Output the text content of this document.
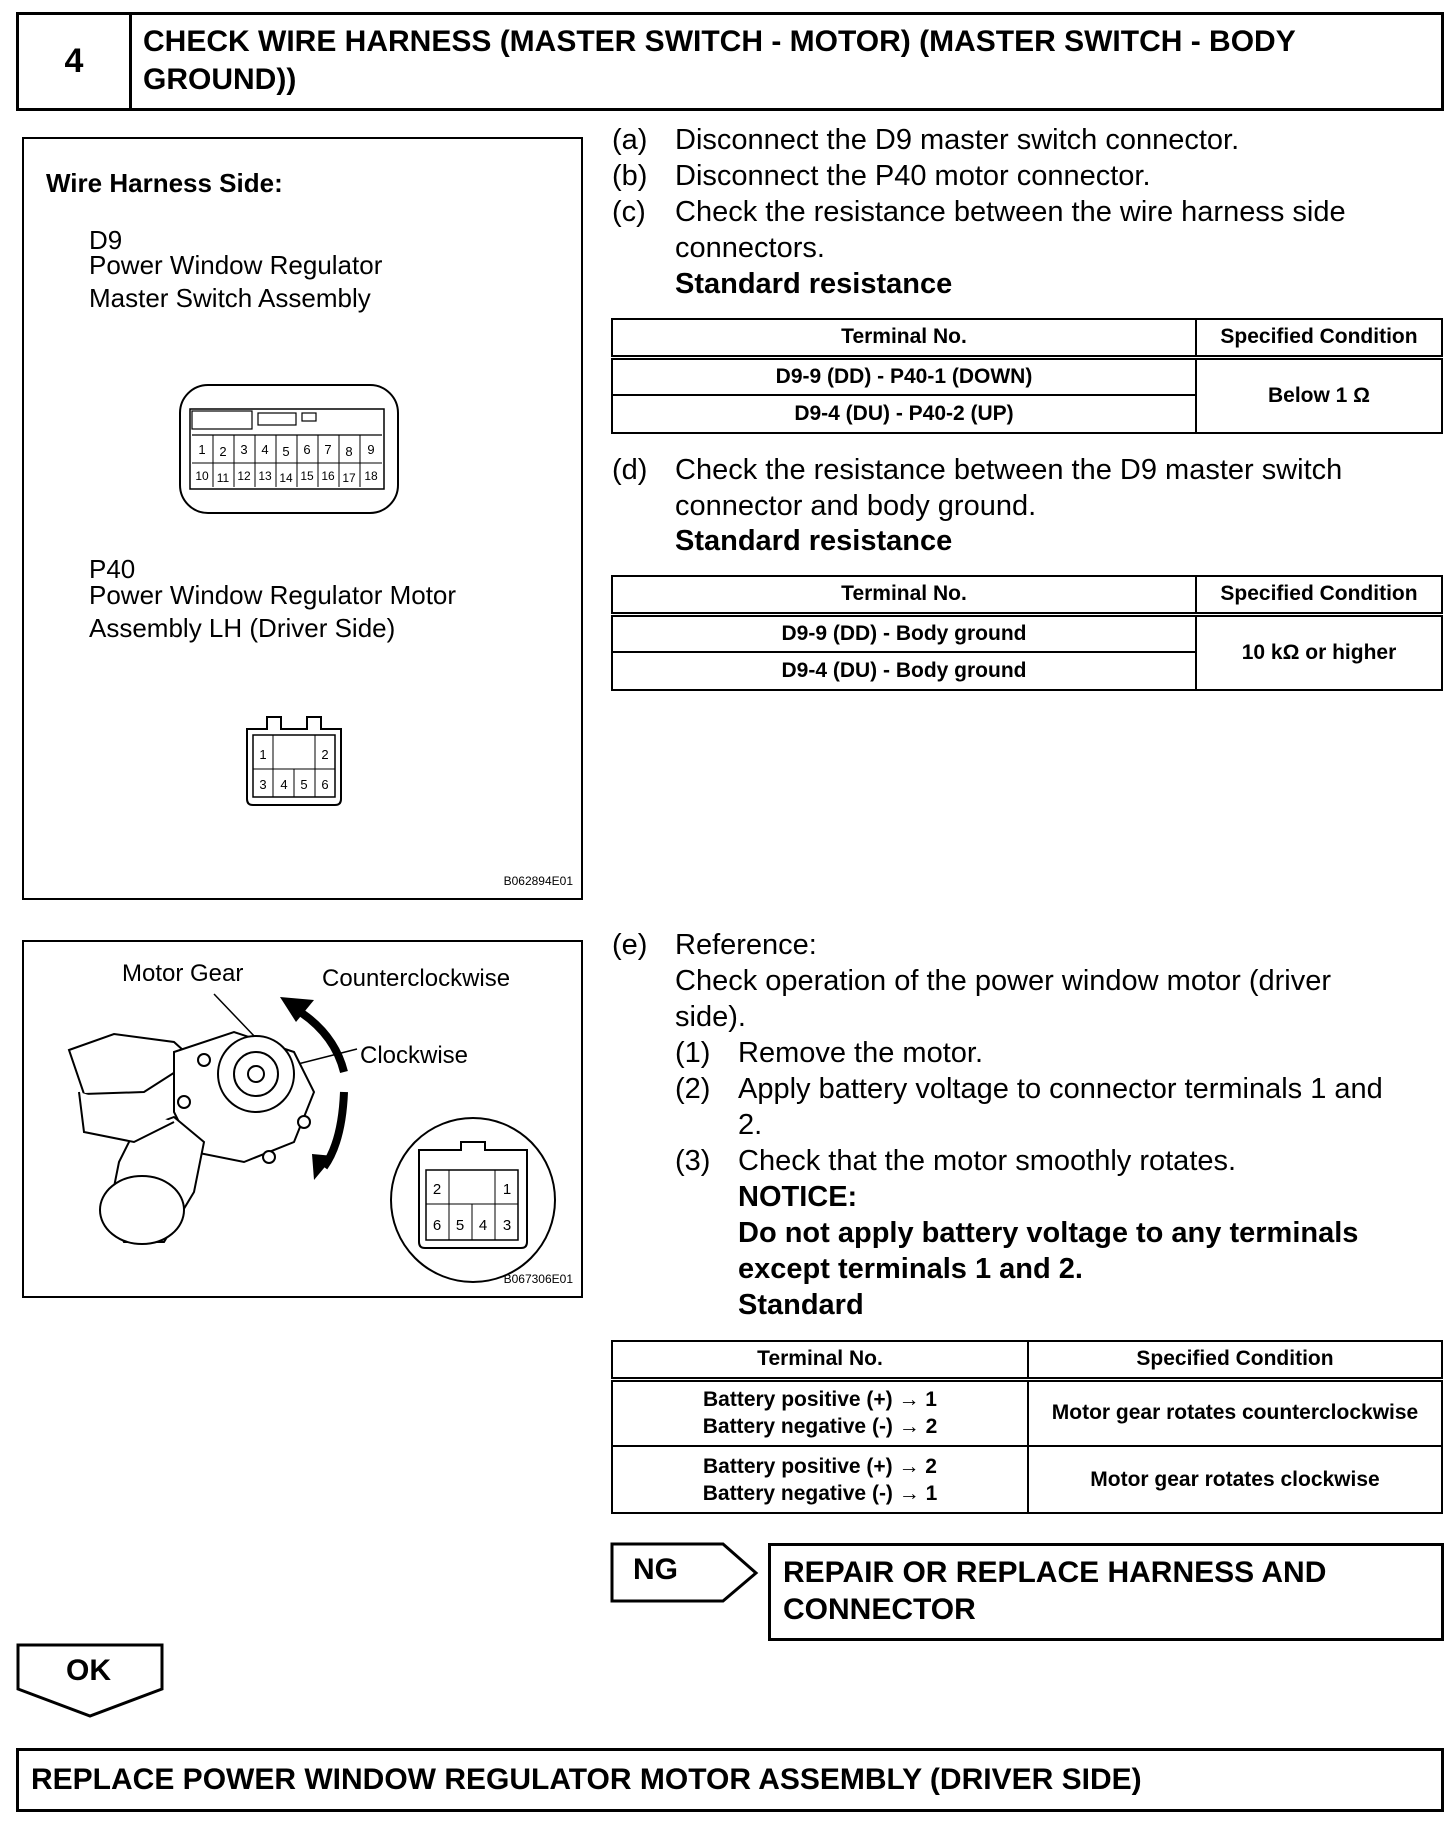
4
CHECK WIRE HARNESS (MASTER SWITCH - MOTOR) (MASTER SWITCH - BODY GROUND))
Wire Harness Side:
D9
Power Window Regulator
Master Switch Assembly
1 2 3 4 5 6 7 8 9
10 11 12 13 14 15 16 17 18
P40
Power Window Regulator Motor
Assembly LH (Driver Side)
1	2
3 4 5 6
B062894E01
(a) Disconnect the D9 master switch connector.
(b) Disconnect the P40 motor connector.
(c) Check the resistance between the wire harness side
connectors.
Standard resistance
Terminal No.	Specified Condition
D9-9 (DD) - P40-1 (DOWN)	Below 1 Ω
D9-4 (DU) - P40-2 (UP)	
(d) Check the resistance between the D9 master switch
connector and body ground.
Standard resistance
Terminal No.	Specified Condition
D9-9 (DD) - Body ground	10 kΩ or higher
D9-4 (DU) - Body ground	
Motor Gear	Counterclockwise
Clockwise
2	1
6 5 4 3
B067306E01
(e) Reference:
Check operation of the power window motor (driver
side).
(1) Remove the motor.
(2) Apply battery voltage to connector terminals 1 and
2.
(3) Check that the motor smoothly rotates.
NOTICE:
Do not apply battery voltage to any terminals
except terminals 1 and 2.
Standard
Terminal No.	Specified Condition

Battery positive (+) → 1
Battery negative (-) → 2	Motor gear rotates counterclockwise

Battery positive (+) → 2
Battery negative (-) → 1	Motor gear rotates clockwise
NG	REPAIR OR REPLACE HARNESS AND
CONNECTOR
OK
REPLACE POWER WINDOW REGULATOR MOTOR ASSEMBLY (DRIVER SIDE)
